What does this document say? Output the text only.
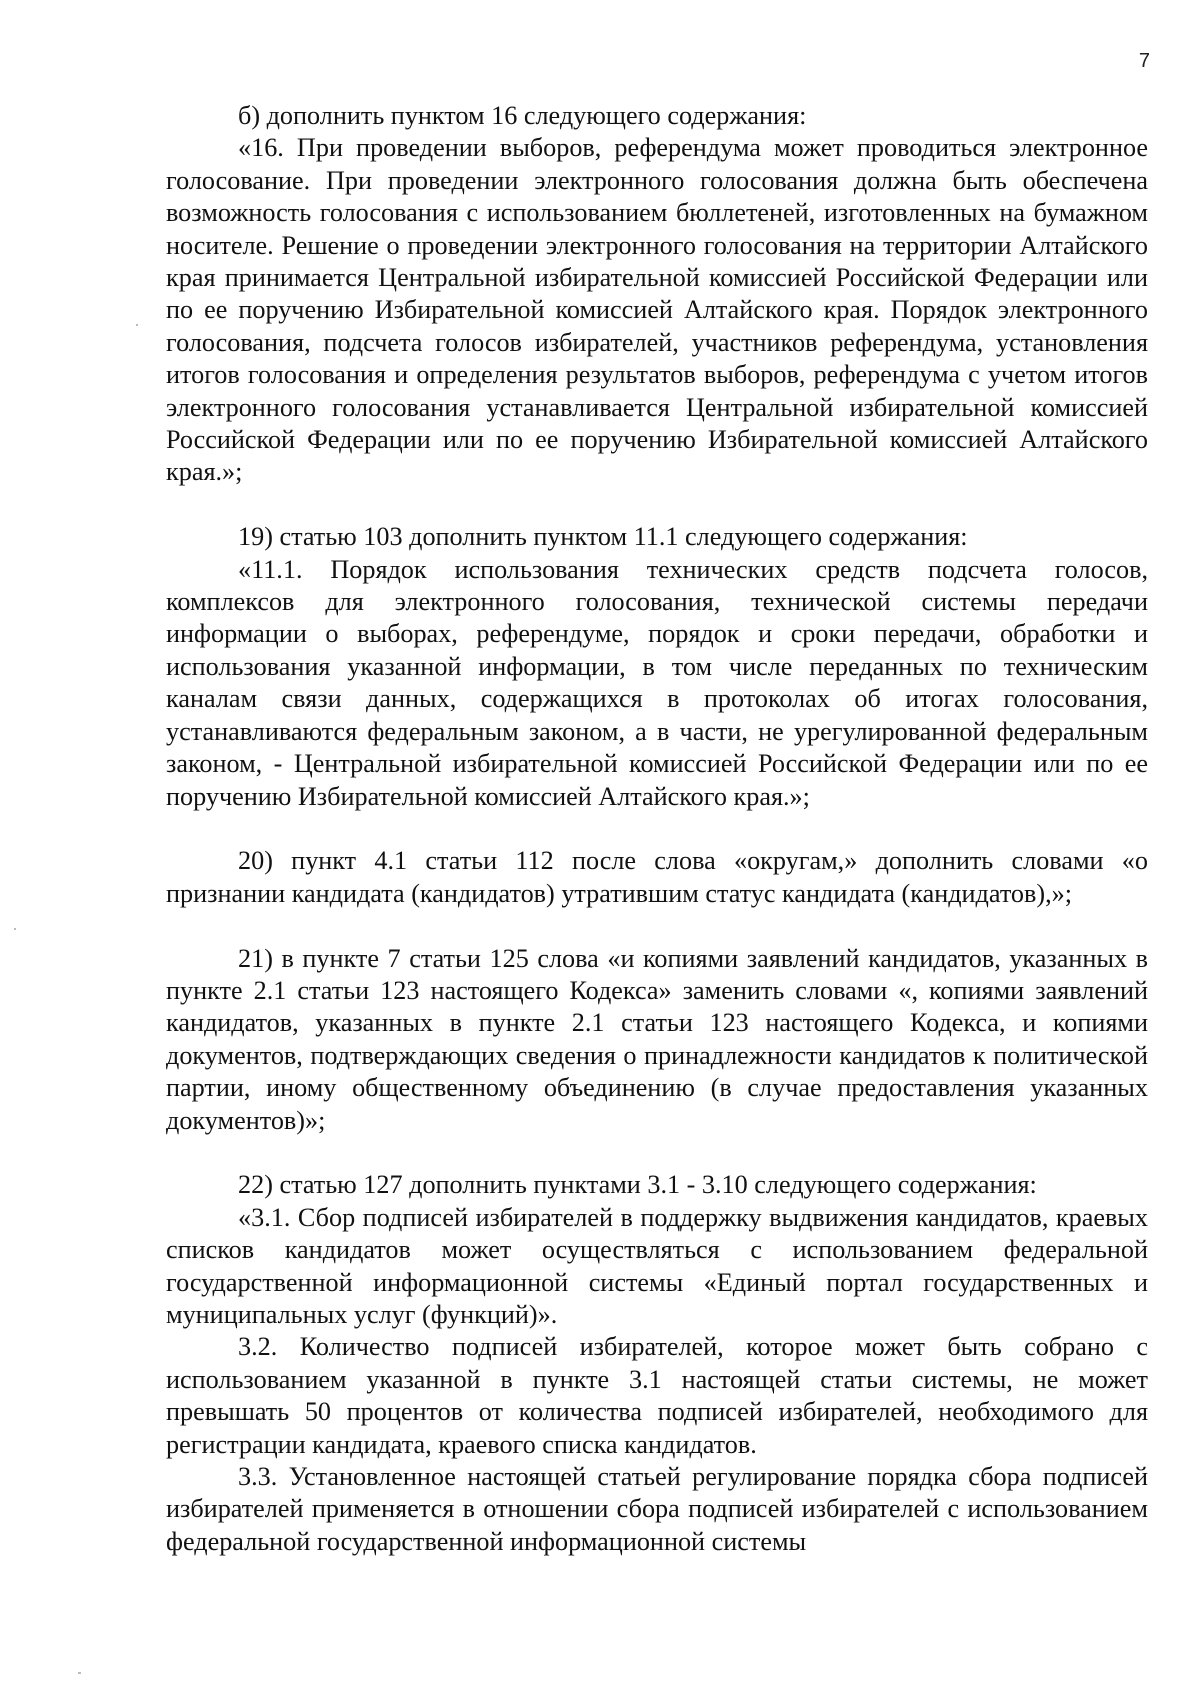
7

б) дополнить пунктом 16 следующего содержания:

«16. При проведении выборов, референдума может проводиться электронное голосование. При проведении электронного голосования должна быть обеспечена возможность голосования с использованием бюллетеней, изготовленных на бумажном носителе. Решение о проведении электронного голосования на территории Алтайского края принимается Центральной избирательной комиссией Российской Федерации или по ее поручению Избирательной комиссией Алтайского края. Порядок электронного голосования, подсчета голосов избирателей, участников референдума, установления итогов голосования и определения результатов выборов, референдума с учетом итогов электронного голосования устанавливается Центральной избирательной комиссией Российской Федерации или по ее поручению Избирательной комиссией Алтайского края.»;

19) статью 103 дополнить пунктом 11.1 следующего содержания:

«11.1. Порядок использования технических средств подсчета голосов, комплексов для электронного голосования, технической системы передачи информации о выборах, референдуме, порядок и сроки передачи, обработки и использования указанной информации, в том числе переданных по техническим каналам связи данных, содержащихся в протоколах об итогах голосования, устанавливаются федеральным законом, а в части, не урегулированной федеральным законом, - Центральной избирательной комиссией Российской Федерации или по ее поручению Избирательной комиссией Алтайского края.»;

20) пункт 4.1 статьи 112 после слова «округам,» дополнить словами «о признании кандидата (кандидатов) утратившим статус кандидата (кандидатов),»;

21) в пункте 7 статьи 125 слова «и копиями заявлений кандидатов, указанных в пункте 2.1 статьи 123 настоящего Кодекса» заменить словами «, копиями заявлений кандидатов, указанных в пункте 2.1 статьи 123 настоящего Кодекса, и копиями документов, подтверждающих сведения о принадлежности кандидатов к политической партии, иному общественному объединению (в случае предоставления указанных документов)»;

22) статью 127 дополнить пунктами 3.1 - 3.10 следующего содержания:

«3.1. Сбор подписей избирателей в поддержку выдвижения кандидатов, краевых списков кандидатов может осуществляться с использованием федеральной государственной информационной системы «Единый портал государственных и муниципальных услуг (функций)».

3.2. Количество подписей избирателей, которое может быть собрано с использованием указанной в пункте 3.1 настоящей статьи системы, не может превышать 50 процентов от количества подписей избирателей, необходимого для регистрации кандидата, краевого списка кандидатов.

3.3. Установленное настоящей статьей регулирование порядка сбора подписей избирателей применяется в отношении сбора подписей избирателей с использованием федеральной государственной информационной системы
